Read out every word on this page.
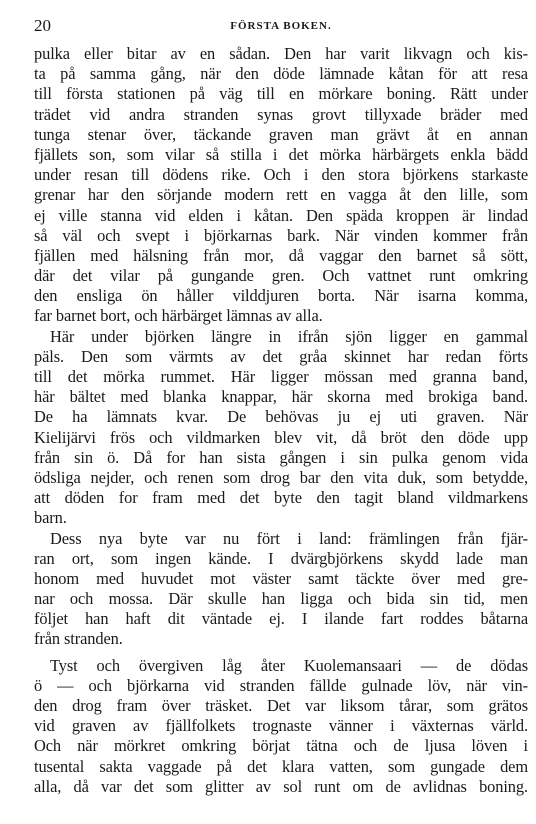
20	FÖRSTA BOKEN.

pulka eller bitar av en sådan. Den har varit likvagn och kis-
ta på samma gång, när den döde lämnade kåtan för att resa
till första stationen på väg till en mörkare boning. Rätt under
trädet vid andra stranden synas grovt tillyxade bräder med
tunga stenar över, täckande graven man grävt åt en annan
fjällets son, som vilar så stilla i det mörka härbärgets enkla bädd
under resan till dödens rike. Och i den stora björkens starkaste
grenar har den sörjande modern rett en vagga åt den lille, som
ej ville stanna vid elden i kåtan. Den späda kroppen är lindad
så väl och svept i björkarnas bark. När vinden kommer från
fjällen med hälsning från mor, då vaggar den barnet så sött,
där det vilar på gungande gren. Och vattnet runt omkring
den ensliga ön håller vilddjuren borta. När isarna komma,
far barnet bort, och härbärget lämnas av alla.

Här under björken längre in ifrån sjön ligger en gammal
päls. Den som värmts av det gråa skinnet har redan förts
till det mörka rummet. Här ligger mössan med granna band,
här bältet med blanka knappar, här skorna med brokiga band.
De ha lämnats kvar. De behövas ju ej uti graven. När
Kielijärvi frös och vildmarken blev vit, då bröt den döde upp
från sin ö. Då for han sista gången i sin pulka genom vida
ödsliga nejder, och renen som drog bar den vita duk, som betydde,
att döden for fram med det byte den tagit bland vildmarkens
barn.

Dess nya byte var nu fört i land: främlingen från fjär-
ran ort, som ingen kände. I dvärgbjörkens skydd lade man
honom med huvudet mot väster samt täckte över med gre-
nar och mossa. Där skulle han ligga och bida sin tid, men
följet han haft dit väntade ej. I ilande fart roddes båtarna
från stranden.

Tyst och övergiven låg åter Kuolemansaari — de dödas
ö — och björkarna vid stranden fällde gulnade löv, när vin-
den drog fram över träsket. Det var liksom tårar, som grätos
vid graven av fjällfolkets trognaste vänner i växternas värld.
Och när mörkret omkring börjat tätna och de ljusa löven i
tusental sakta vaggade på det klara vatten, som gungade dem
alla, då var det som glitter av sol runt om de avlidnas boning.
